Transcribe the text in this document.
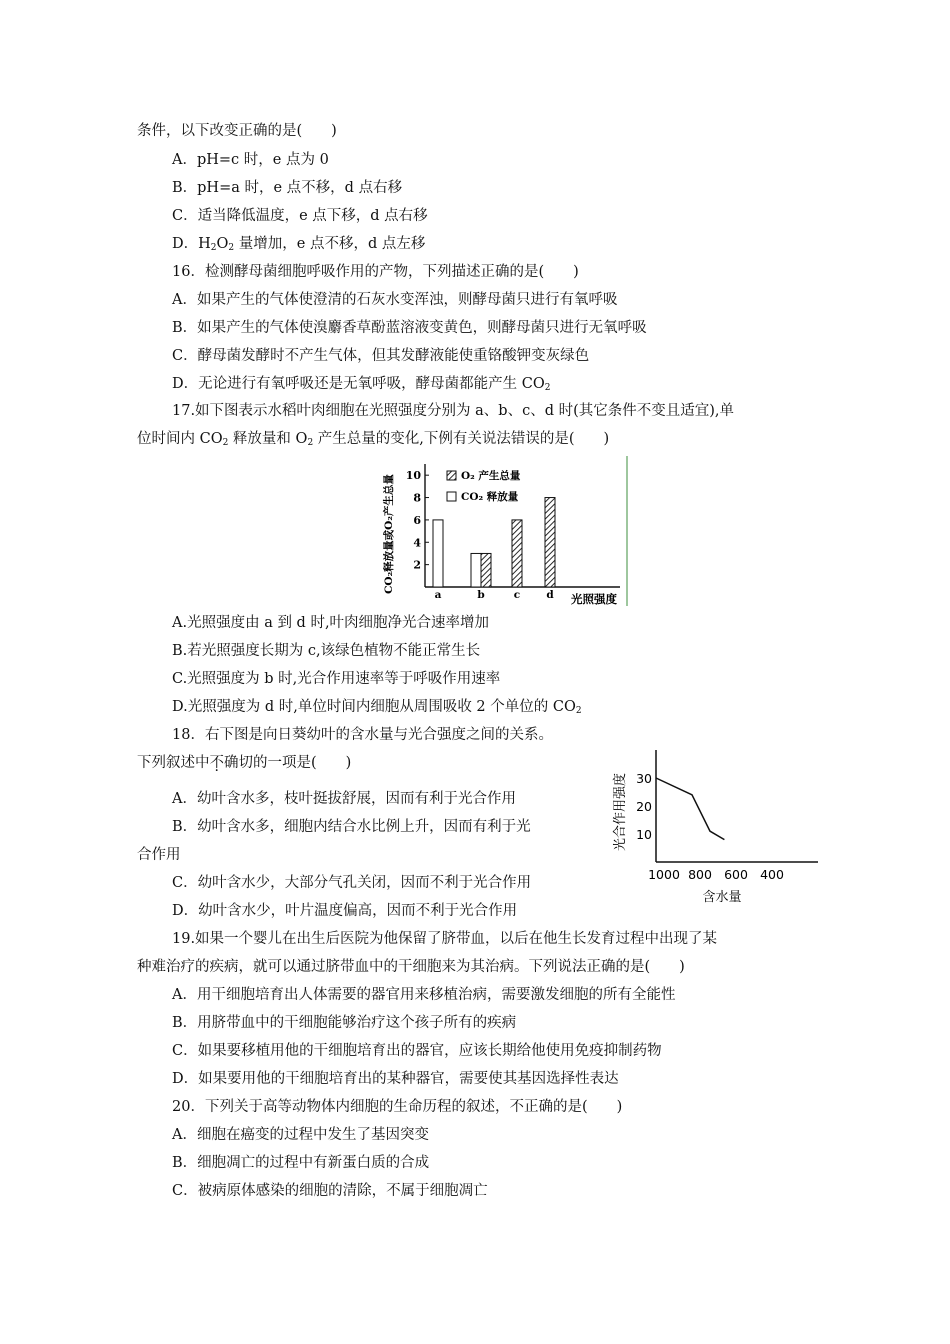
条件，以下改变正确的是(　　)
A．pH=c 时，e 点为 0
B．pH=a 时，e 点不移，d 点右移
C．适当降低温度，e 点下移，d 点右移
D．$H_2O_2$ 量增加，e 点不移，d 点左移
16．检测酵母菌细胞呼吸作用的产物，下列描述正确的是(　　)
A．如果产生的气体使澄清的石灰水变浑浊，则酵母菌只进行有氧呼吸
B．如果产生的气体使溴麝香草酚蓝溶液变黄色，则酵母菌只进行无氧呼吸
C．酵母菌发酵时不产生气体，但其发酵液能使重铬酸钾变灰绿色
D．无论进行有氧呼吸还是无氧呼吸，酵母菌都能产生 $CO_2$
17.如下图表示水稻叶肉细胞在光照强度分别为 a、b、c、d 时(其它条件不变且适宜),单
位时间内 $CO_2$ 释放量和 $O_2$ 产生总量的变化,下例有关说法错误的是(　　)
CO₂释放量或O₂产生总量
光照强度
O₂ 产生总量
CO₂ 释放量
2
4
6
8
10
a	b	c d
A.光照强度由 a 到 d 时,叶肉细胞净光合速率增加
B.若光照强度长期为 c,该绿色植物不能正常生长
C.光照强度为 b 时,光合作用速率等于呼吸作用速率
D.光照强度为 d 时,单位时间内细胞从周围吸收 2 个单位的 $CO_2$
18．右下图是向日葵幼叶的含水量与光合强度之间的关系。
下列叙述中不确切的一项是(　　)
A．幼叶含水多，枝叶挺拔舒展，因而有利于光合作用
B．幼叶含水多，细胞内结合水比例上升，因而有利于光
合作用
C．幼叶含水少，大部分气孔关闭，因而不利于光合作用
D．幼叶含水少，叶片温度偏高，因而不利于光合作用
光合作用强度
含水量
10
20
30
1000 800 600 400
19.如果一个婴儿在出生后医院为他保留了脐带血，以后在他生长发育过程中出现了某
种难治疗的疾病，就可以通过脐带血中的干细胞来为其治病。下列说法正确的是(　　)
A．用干细胞培育出人体需要的器官用来移植治病，需要激发细胞的所有全能性
B．用脐带血中的干细胞能够治疗这个孩子所有的疾病
C．如果要移植用他的干细胞培育出的器官，应该长期给他使用免疫抑制药物
D．如果要用他的干细胞培育出的某种器官，需要使其基因选择性表达
20．下列关于高等动物体内细胞的生命历程的叙述，不正确的是(　　)
A．细胞在癌变的过程中发生了基因突变
B．细胞凋亡的过程中有新蛋白质的合成
C．被病原体感染的细胞的清除，不属于细胞凋亡
